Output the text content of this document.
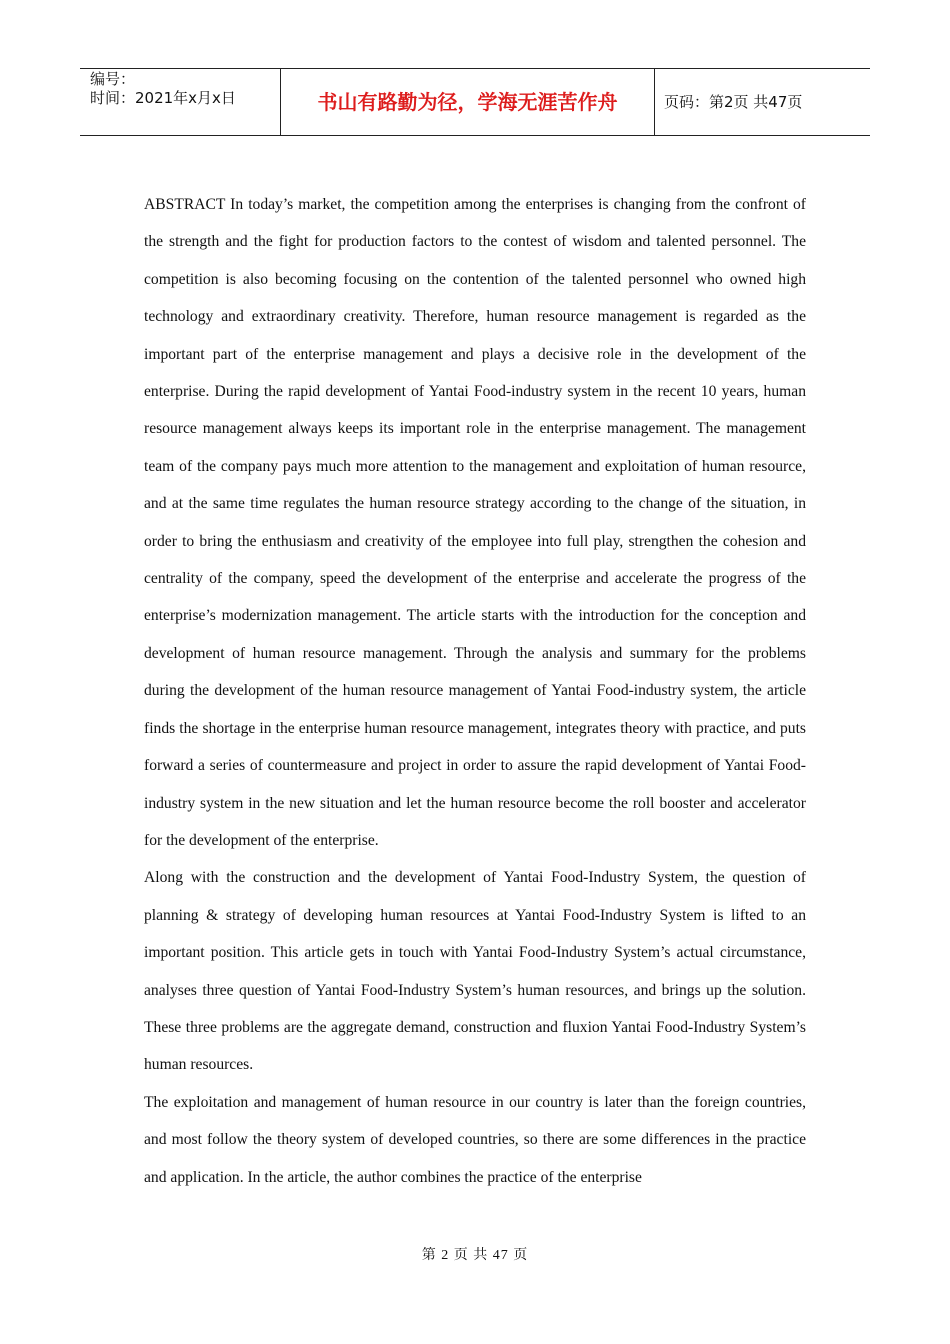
编号：
时间：2021年x月x日	书山有路勤为径，学海无涯苦作舟	页码：第2页 共47页

ABSTRACT In today’s market, the competition among the enterprises is changing from the confront of the strength and the fight for production factors to the contest of wisdom and talented personnel. The competition is also becoming focusing on the contention of the talented personnel who owned high technology and extraordinary creativity. Therefore, human resource management is regarded as the important part of the enterprise management and plays a decisive role in the development of the enterprise. During the rapid development of Yantai Food-industry system in the recent 10 years, human resource management always keeps its important role in the enterprise management. The management team of the company pays much more attention to the management and exploitation of human resource, and at the same time regulates the human resource strategy according to the change of the situation, in order to bring the enthusiasm and creativity of the employee into full play, strengthen the cohesion and centrality of the company, speed the development of the enterprise and accelerate the progress of the enterprise’s modernization management. The article starts with the introduction for the conception and development of human resource management. Through the analysis and summary for the problems during the development of the human resource management of Yantai Food-industry system, the article finds the shortage in the enterprise human resource management, integrates theory with practice, and puts forward a series of countermeasure and project in order to assure the rapid development of Yantai Food-industry system in the new situation and let the human resource become the roll booster and accelerator for the development of the enterprise.

Along with the construction and the development of Yantai Food-Industry System, the question of planning & strategy of developing human resources at Yantai Food-Industry System is lifted to an important position. This article gets in touch with Yantai Food-Industry System’s actual circumstance, analyses three question of Yantai Food-Industry System’s human resources, and brings up the solution. These three problems are the aggregate demand, construction and fluxion Yantai Food-Industry System’s human resources.

The exploitation and management of human resource in our country is later than the foreign countries, and most follow the theory system of developed countries, so there are some differences in the practice and application. In the article, the author combines the practice of the enterprise

第 2 页 共 47 页
